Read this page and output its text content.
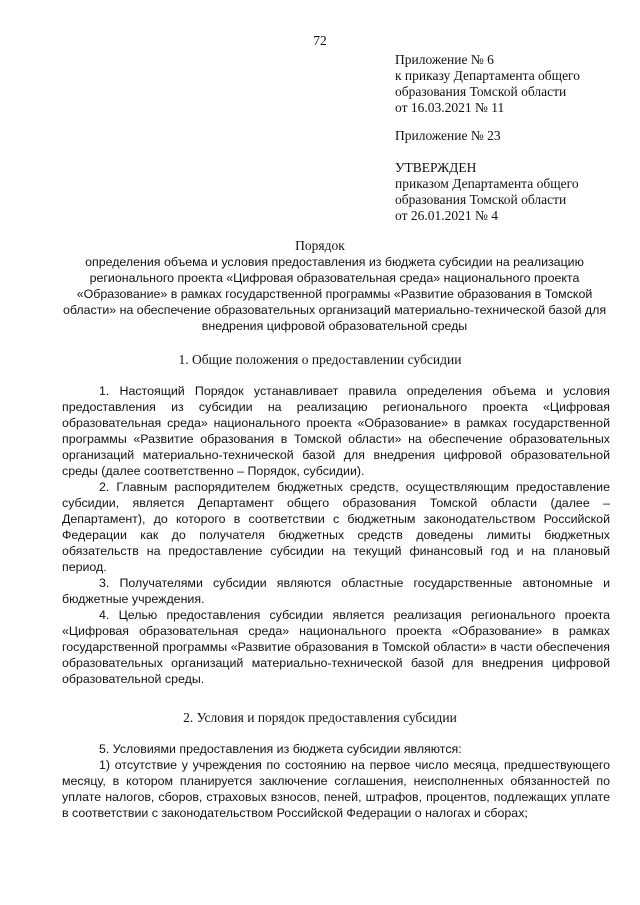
72
Приложение № 6
к приказу Департамента общего
образования Томской области
от 16.03.2021 № 11
Приложение № 23
УТВЕРЖДЕН
приказом Департамента общего
образования Томской области
от 26.01.2021 № 4
Порядок
определения объема и условия предоставления из бюджета субсидии на реализацию регионального проекта «Цифровая образовательная среда» национального проекта «Образование» в рамках государственной программы «Развитие образования в Томской области» на обеспечение образовательных организаций материально-технической базой для внедрения цифровой образовательной среды
1. Общие положения о предоставлении субсидии

1. Настоящий Порядок устанавливает правила определения объема и условия предоставления из субсидии на реализацию регионального проекта «Цифровая образовательная среда» национального проекта «Образование» в рамках государственной программы «Развитие образования в Томской области» на обеспечение образовательных организаций материально-технической базой для внедрения цифровой образовательной среды (далее соответственно – Порядок, субсидии).

2. Главным распорядителем бюджетных средств, осуществляющим предоставление субсидии, является Департамент общего образования Томской области (далее – Департамент), до которого в соответствии с бюджетным законодательством Российской Федерации как до получателя бюджетных средств доведены лимиты бюджетных обязательств на предоставление субсидии на текущий финансовый год и на плановый период.

3. Получателями субсидии являются областные государственные автономные и бюджетные учреждения.

4. Целью предоставления субсидии является реализация регионального проекта «Цифровая образовательная среда» национального проекта «Образование» в рамках государственной программы «Развитие образования в Томской области» в части обеспечения образовательных организаций материально-технической базой для внедрения цифровой образовательной среды.

2. Условия и порядок предоставления субсидии

5. Условиями предоставления из бюджета субсидии являются:

1) отсутствие у учреждения по состоянию на первое число месяца, предшествующего месяцу, в котором планируется заключение соглашения, неисполненных обязанностей по уплате налогов, сборов, страховых взносов, пеней, штрафов, процентов, подлежащих уплате в соответствии с законодательством Российской Федерации о налогах и сборах;
